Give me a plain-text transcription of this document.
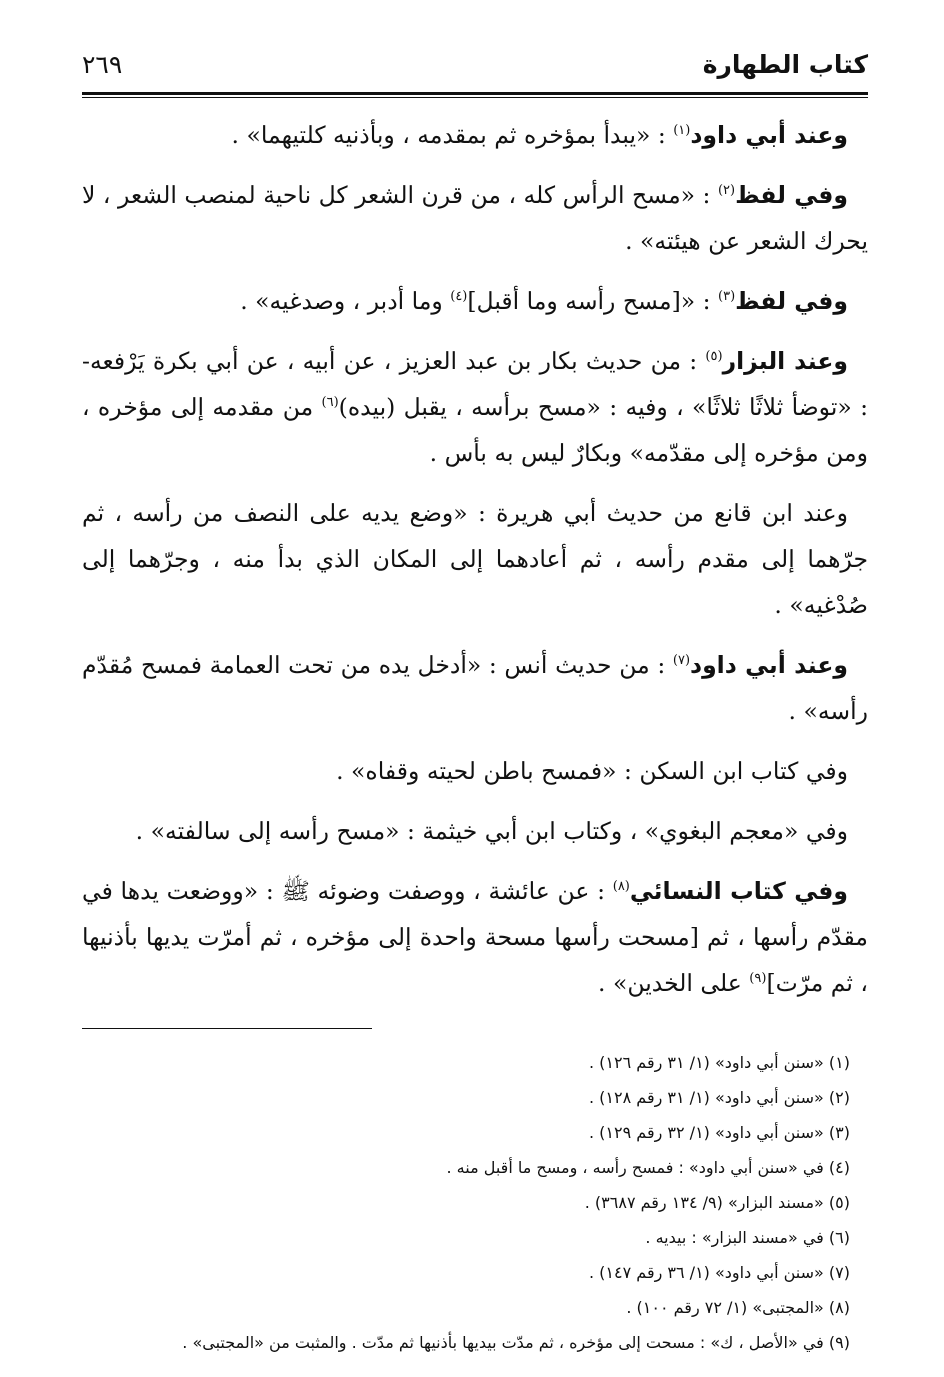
كتاب الطهارة
٢٦٩

وعند أبي داود$^{(١)}$ : «يبدأ بمؤخره ثم بمقدمه ، وبأذنيه كلتيهما» .

وفي لفظ$^{(٢)}$ : «مسح الرأس كله ، من قرن الشعر كل ناحية لمنصب الشعر ، لا يحرك الشعر عن هيئته» .

وفي لفظ$^{(٣)}$ : «[مسح رأسه وما أقبل]$^{(٤)}$ وما أدبر ، وصدغيه» .

وعند البزار$^{(٥)}$ : من حديث بكار بن عبد العزيز ، عن أبيه ، عن أبي بكرة يَرْفعه- : «توضأ ثلاثًا ثلاثًا» ، وفيه : «مسح برأسه ، يقبل (بيده)$^{(٦)}$ من مقدمه إلى مؤخره ، ومن مؤخره إلى مقدّمه» وبكارٌ ليس به بأس .

وعند ابن قانع من حديث أبي هريرة : «وضع يديه على النصف من رأسه ، ثم جرّهما إلى مقدم رأسه ، ثم أعادهما إلى المكان الذي بدأ منه ، وجرّهما إلى صُدْغيه» .

وعند أبي داود$^{(٧)}$ : من حديث أنس : «أدخل يده من تحت العمامة فمسح مُقدّم رأسه» .

وفي كتاب ابن السكن : «فمسح باطن لحيته وقفاه» .

وفي «معجم البغوي» ، وكتاب ابن أبي خيثمة : «مسح رأسه إلى سالفته» .

وفي كتاب النسائي$^{(٨)}$ : عن عائشة ، ووصفت وضوئه ﷺ : «ووضعت يدها في مقدّم رأسها ، ثم [مسحت رأسها مسحة واحدة إلى مؤخره ، ثم أمرّت يديها بأذنيها ، ثم مرّت]$^{(٩)}$ على الخدين» .

(١) «سنن أبي داود» (١/ ٣١ رقم ١٢٦) .

(٢) «سنن أبي داود» (١/ ٣١ رقم ١٢٨) .

(٣) «سنن أبي داود» (١/ ٣٢ رقم ١٢٩) .

(٤) في «سنن أبي داود» : فمسح رأسه ، ومسح ما أقبل منه .

(٥) «مسند البزار» (٩/ ١٣٤ رقم ٣٦٨٧) .

(٦) في «مسند البزار» : بيديه .

(٧) «سنن أبي داود» (١/ ٣٦ رقم ١٤٧) .

(٨) «المجتبى» (١/ ٧٢ رقم ١٠٠) .

(٩) في «الأصل ، ك» : مسحت إلى مؤخره ، ثم مدّت بيديها بأذنيها ثم مدّت . والمثبت من «المجتبى» .
